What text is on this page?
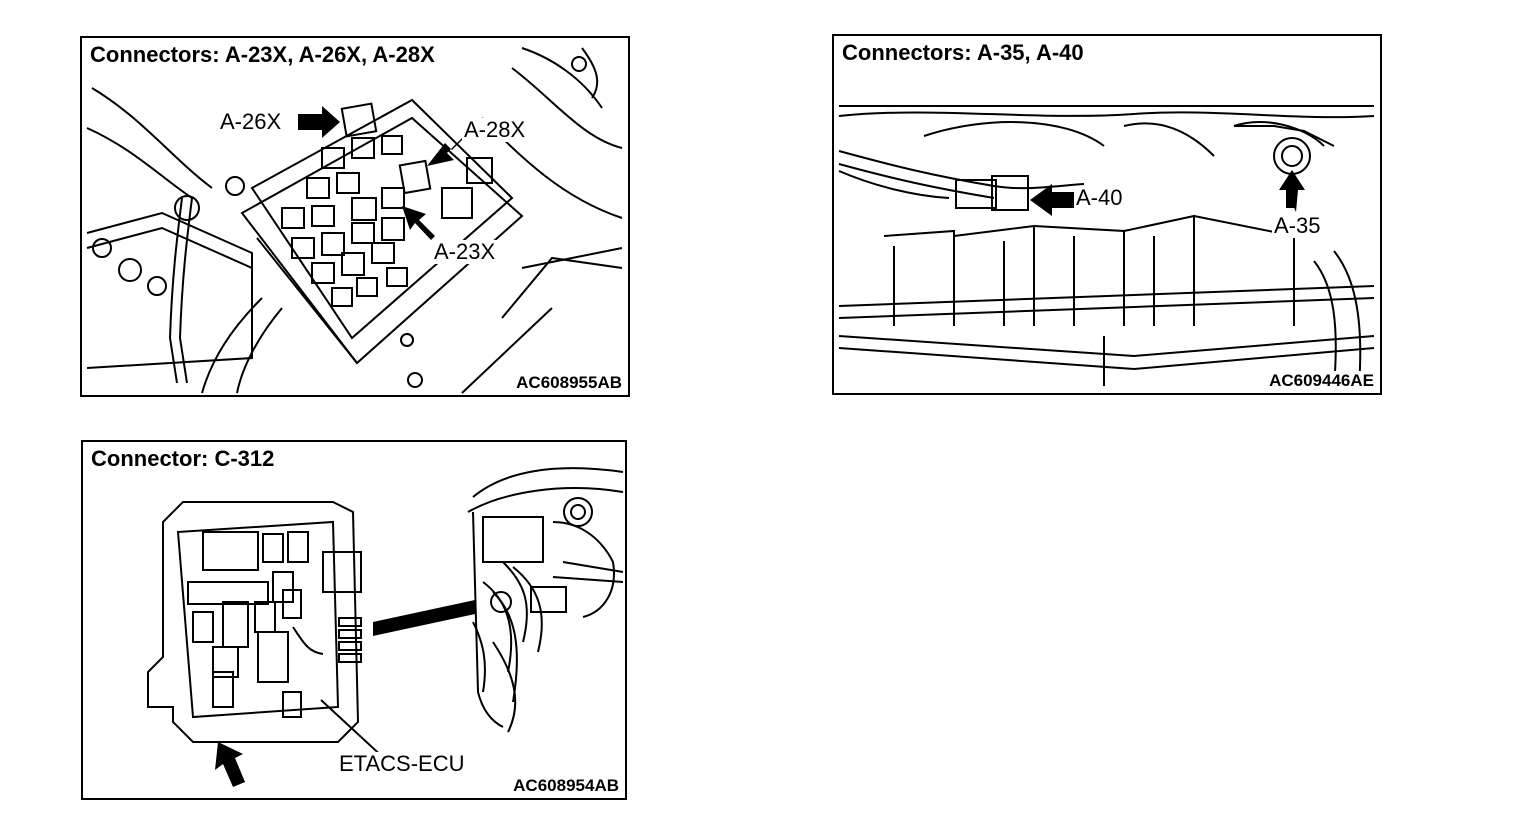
Connectors: A-23X, A-26X, A-28X
A-26X	A-28X
A-23X
AC608955AB
Connectors: A-35, A-40
A-40
A-35
AC609446AE
Connector: C-312
ETACS-ECU
AC608954AB
